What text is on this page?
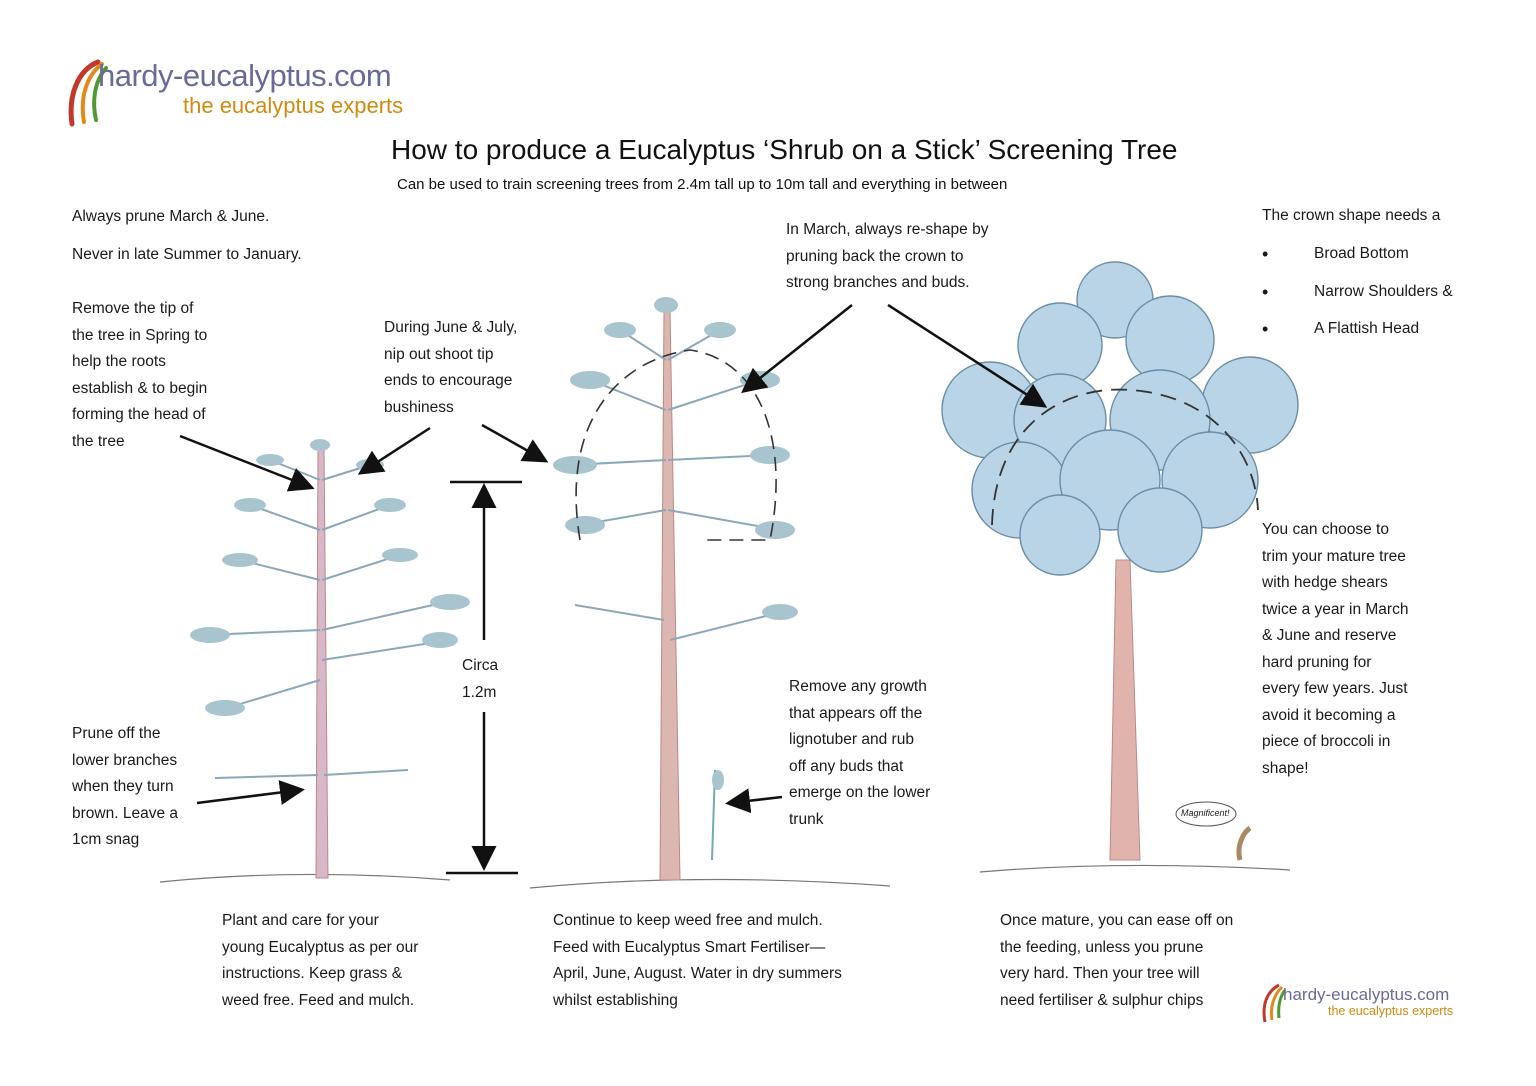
hardy-eucalyptus.com
the eucalyptus experts
How to produce a Eucalyptus ‘Shrub on a Stick’ Screening Tree
Can be used to train screening trees from 2.4m tall up to 10m tall and everything in between
Always prune March & June.
Never in late Summer to January.
Remove the tip of
the tree in Spring to
help the roots
establish & to begin
forming the head of
the tree
During June & July,
nip out shoot tip
ends to encourage
bushiness
In March, always re-shape by
pruning back the crown to
strong branches and buds.
Prune off the
lower branches
when they turn
brown. Leave a
1cm snag
Circa
1.2m	Remove any growth
that appears off the
lignotuber and rub
off any buds that
emerge on the lower
trunk
You can choose to
trim your mature tree
with hedge shears
twice a year in March
& June and reserve
hard pruning for
every few years. Just
avoid it becoming a
piece of broccoli in
shape!
Magnificent!
The crown shape needs a
• Broad Bottom
• Narrow Shoulders &
• A Flattish Head
Plant and care for your
young Eucalyptus as per our
instructions. Keep grass &
weed free. Feed and mulch.
Continue to keep weed free and mulch.
Feed with Eucalyptus Smart Fertiliser—
April, June, August. Water in dry summers
whilst establishing
Once mature, you can ease off on
the feeding, unless you prune
very hard. Then your tree will
need fertiliser & sulphur chips	hardy-eucalyptus.com
the eucalyptus experts
